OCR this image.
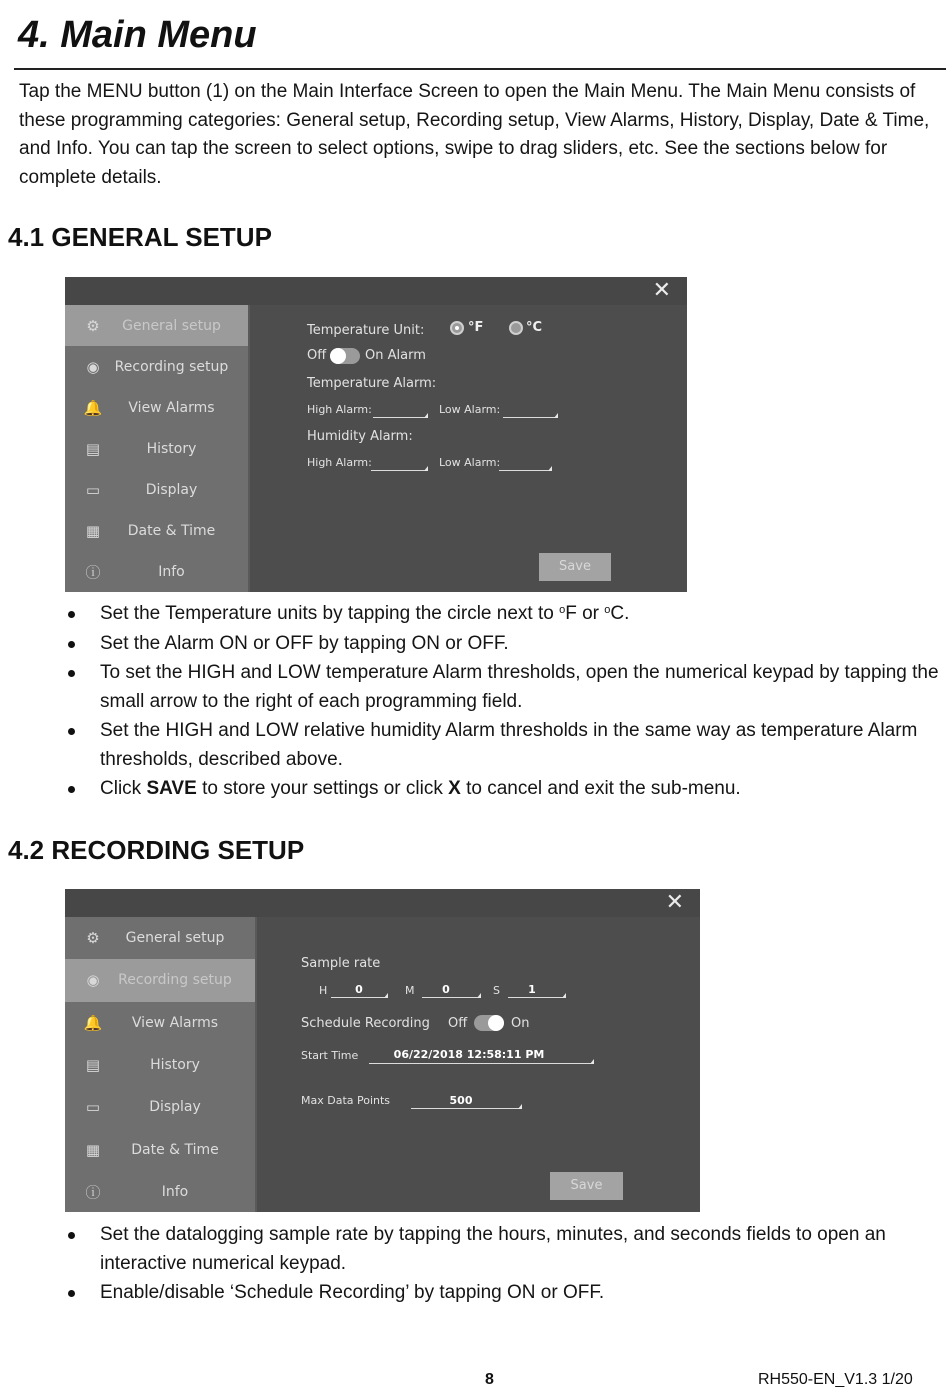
4. Main Menu

Tap the MENU button (1) on the Main Interface Screen to open the Main Menu. The Main Menu consists of these programming categories: General setup, Recording setup, View Alarms, History, Display, Date & Time, and Info. You can tap the screen to select options, swipe to drag sliders, etc. See the sections below for complete details.

4.1 GENERAL SETUP
✕
⚙	General setup
◉	Recording setup
🔔	View Alarms
▤	History
▭	Display
▦	Date & Time
ⓘ	Info
Temperature Unit:	°F	°C
Off	On Alarm
Temperature Alarm:
High Alarm:	Low Alarm:
Humidity Alarm:
High Alarm:	Low Alarm:
Save
Set the Temperature units by tapping the circle next to $^o$F or $^o$C.
Set the Alarm ON or OFF by tapping ON or OFF.
To set the HIGH and LOW temperature Alarm thresholds, open the numerical keypad by tapping the small arrow to the right of each programming field.
Set the HIGH and LOW relative humidity Alarm thresholds in the same way as temperature Alarm thresholds, described above.
Click SAVE to store your settings or click X to cancel and exit the sub-menu.
4.2 RECORDING SETUP
✕
⚙	General setup
◉	Recording setup
🔔	View Alarms
▤	History
▭	Display
▦	Date & Time
ⓘ	Info
Sample rate
H	0	M	0	S	1
Schedule Recording Off	On
Start Time	06/22/2018 12:58:11 PM
Max Data Points	500
Save
Set the datalogging sample rate by tapping the hours, minutes, and seconds fields to open an interactive numerical keypad.
Enable/disable ‘Schedule Recording’ by tapping ON or OFF.
8	RH550-EN_V1.3 1/20
